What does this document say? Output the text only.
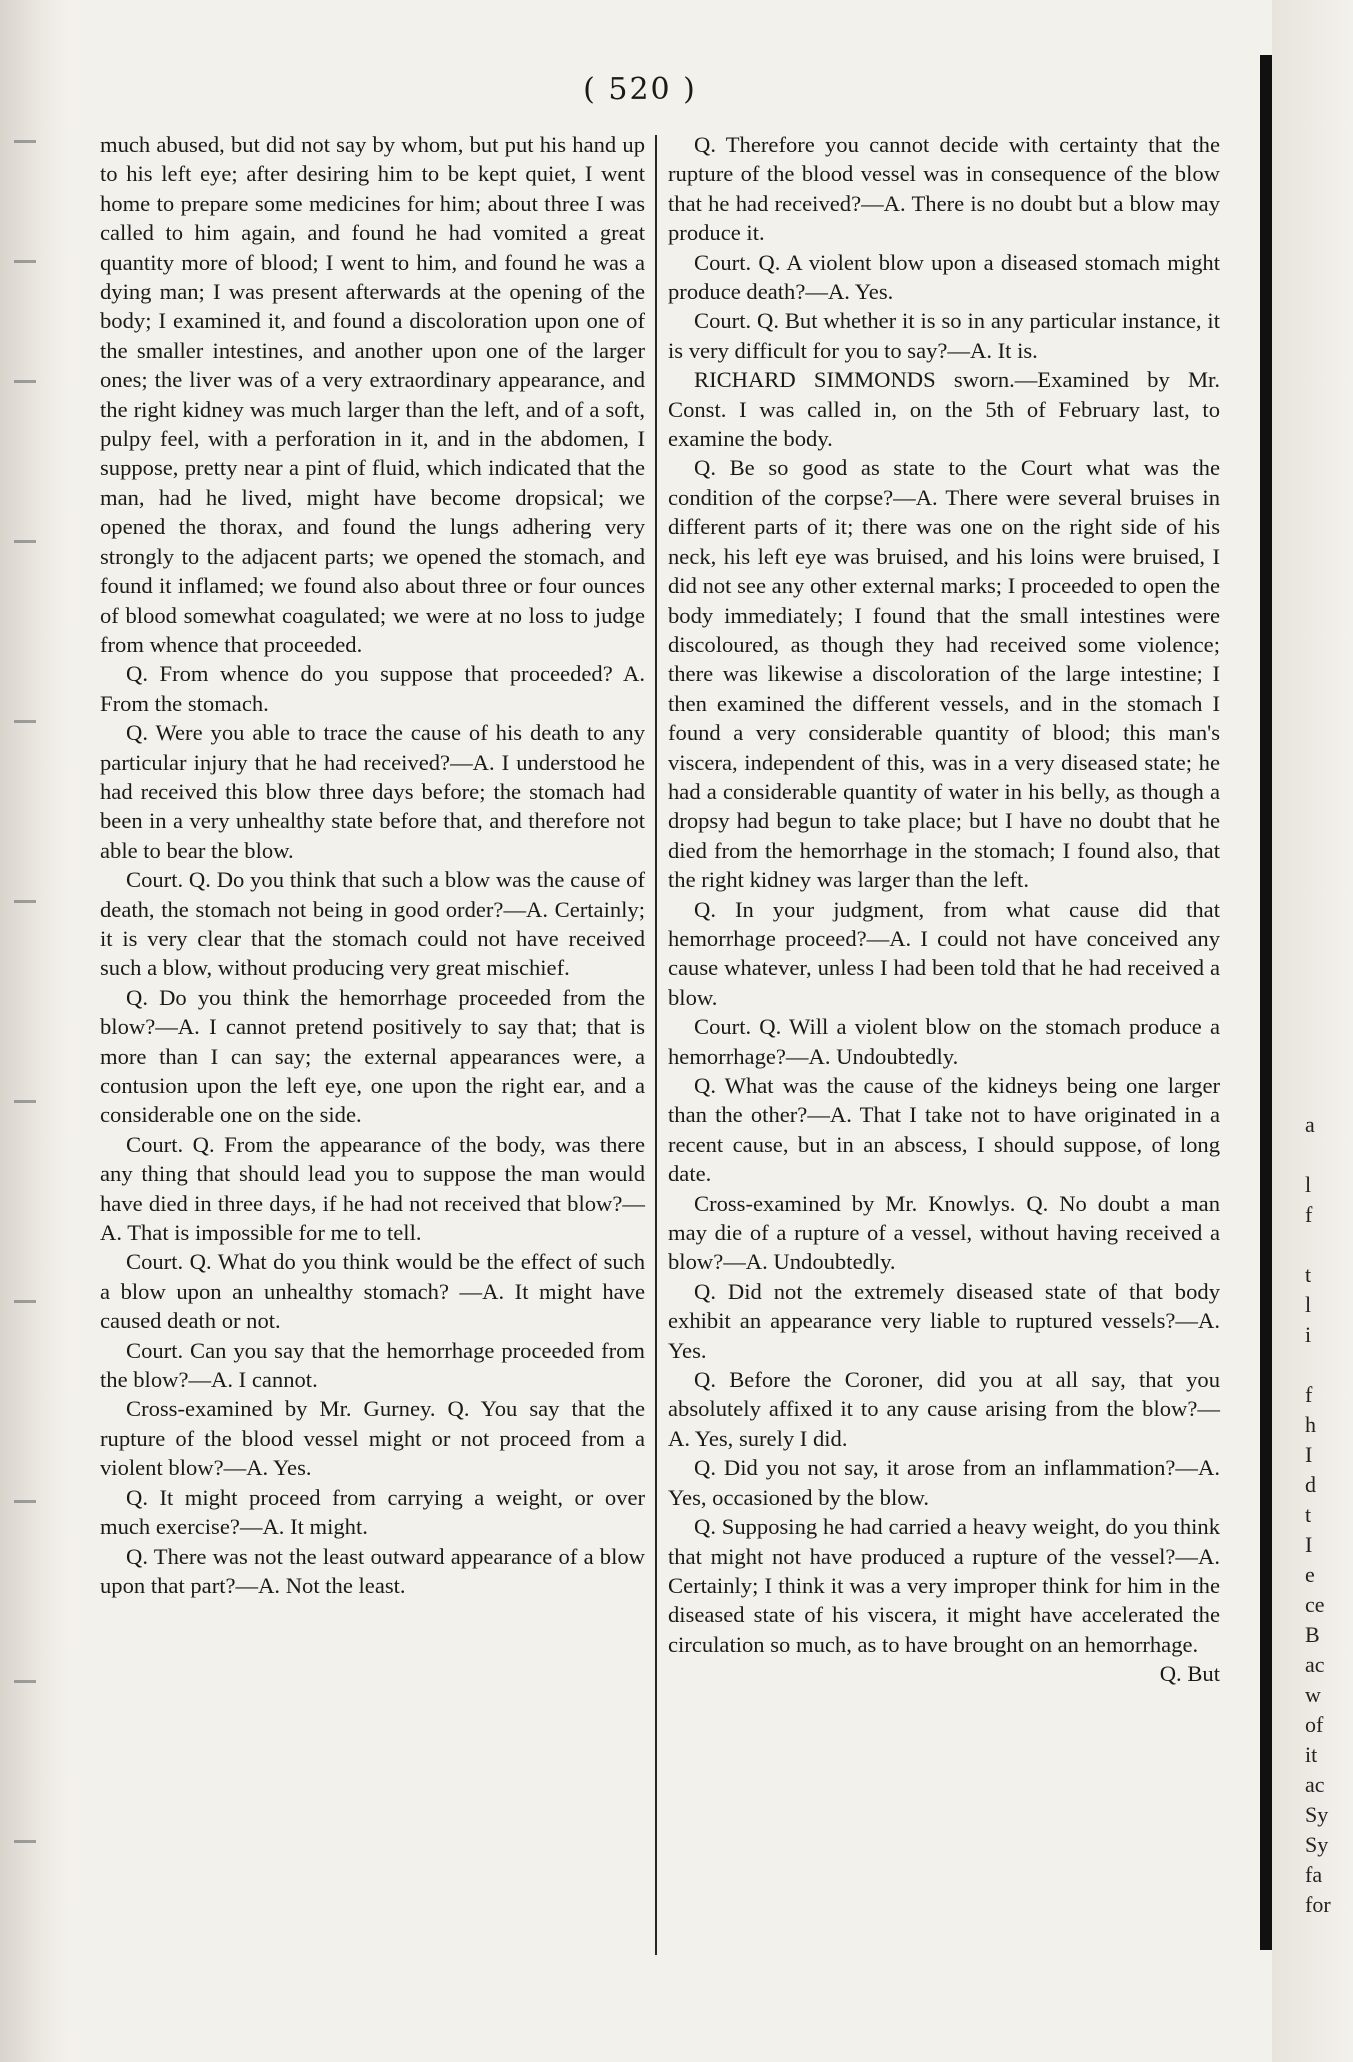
( 520 )

much abused, but did not say by whom, but put his hand up to his left eye; after desiring him to be kept quiet, I went home to prepare some medicines for him; about three I was called to him again, and found he had vomited a great quantity more of blood; I went to him, and found he was a dying man; I was present afterwards at the opening of the body; I examined it, and found a discoloration upon one of the smaller intestines, and another upon one of the larger ones; the liver was of a very extraordinary appearance, and the right kidney was much larger than the left, and of a soft, pulpy feel, with a perforation in it, and in the abdomen, I suppose, pretty near a pint of fluid, which indicated that the man, had he lived, might have become dropsical; we opened the thorax, and found the lungs adhering very strongly to the adjacent parts; we opened the stomach, and found it inflamed; we found also about three or four ounces of blood somewhat coagulated; we were at no loss to judge from whence that proceeded.

Q. From whence do you suppose that proceeded? A. From the stomach.

Q. Were you able to trace the cause of his death to any particular injury that he had received?—A. I understood he had received this blow three days before; the stomach had been in a very unhealthy state before that, and therefore not able to bear the blow.

Court. Q. Do you think that such a blow was the cause of death, the stomach not being in good order?—A. Certainly; it is very clear that the stomach could not have received such a blow, without producing very great mischief.

Q. Do you think the hemorrhage proceeded from the blow?—A. I cannot pretend positively to say that; that is more than I can say; the external appearances were, a contusion upon the left eye, one upon the right ear, and a considerable one on the side.

Court. Q. From the appearance of the body, was there any thing that should lead you to suppose the man would have died in three days, if he had not received that blow?—A. That is impossible for me to tell.

Court. Q. What do you think would be the effect of such a blow upon an unhealthy stomach? —A. It might have caused death or not.

Court. Can you say that the hemorrhage proceeded from the blow?—A. I cannot.

Cross-examined by Mr. Gurney. Q. You say that the rupture of the blood vessel might or not proceed from a violent blow?—A. Yes.

Q. It might proceed from carrying a weight, or over much exercise?—A. It might.

Q. There was not the least outward appearance of a blow upon that part?—A. Not the least.

Q. Therefore you cannot decide with certainty that the rupture of the blood vessel was in consequence of the blow that he had received?—A. There is no doubt but a blow may produce it.

Court. Q. A violent blow upon a diseased stomach might produce death?—A. Yes.

Court. Q. But whether it is so in any particular instance, it is very difficult for you to say?—A. It is.

RICHARD SIMMONDS sworn.—Examined by Mr. Const. I was called in, on the 5th of February last, to examine the body.

Q. Be so good as state to the Court what was the condition of the corpse?—A. There were several bruises in different parts of it; there was one on the right side of his neck, his left eye was bruised, and his loins were bruised, I did not see any other external marks; I proceeded to open the body immediately; I found that the small intestines were discoloured, as though they had received some violence; there was likewise a discoloration of the large intestine; I then examined the different vessels, and in the stomach I found a very considerable quantity of blood; this man's viscera, independent of this, was in a very diseased state; he had a considerable quantity of water in his belly, as though a dropsy had begun to take place; but I have no doubt that he died from the hemorrhage in the stomach; I found also, that the right kidney was larger than the left.

Q. In your judgment, from what cause did that hemorrhage proceed?—A. I could not have conceived any cause whatever, unless I had been told that he had received a blow.

Court. Q. Will a violent blow on the stomach produce a hemorrhage?—A. Undoubtedly.

Q. What was the cause of the kidneys being one larger than the other?—A. That I take not to have originated in a recent cause, but in an abscess, I should suppose, of long date.

Cross-examined by Mr. Knowlys. Q. No doubt a man may die of a rupture of a vessel, without having received a blow?—A. Undoubtedly.

Q. Did not the extremely diseased state of that body exhibit an appearance very liable to ruptured vessels?—A. Yes.

Q. Before the Coroner, did you at all say, that you absolutely affixed it to any cause arising from the blow?—A. Yes, surely I did.

Q. Did you not say, it arose from an inflammation?—A. Yes, occasioned by the blow.

Q. Supposing he had carried a heavy weight, do you think that might not have produced a rupture of the vessel?—A. Certainly; I think it was a very improper think for him in the diseased state of his viscera, it might have accelerated the circulation so much, as to have brought on an hemorrhage.

Q. But

a
l
f
t
l
i
f
h
I
d
t
I
e
ce
B
ac
w
of
it
ac
Sy
Sy
fa
for
